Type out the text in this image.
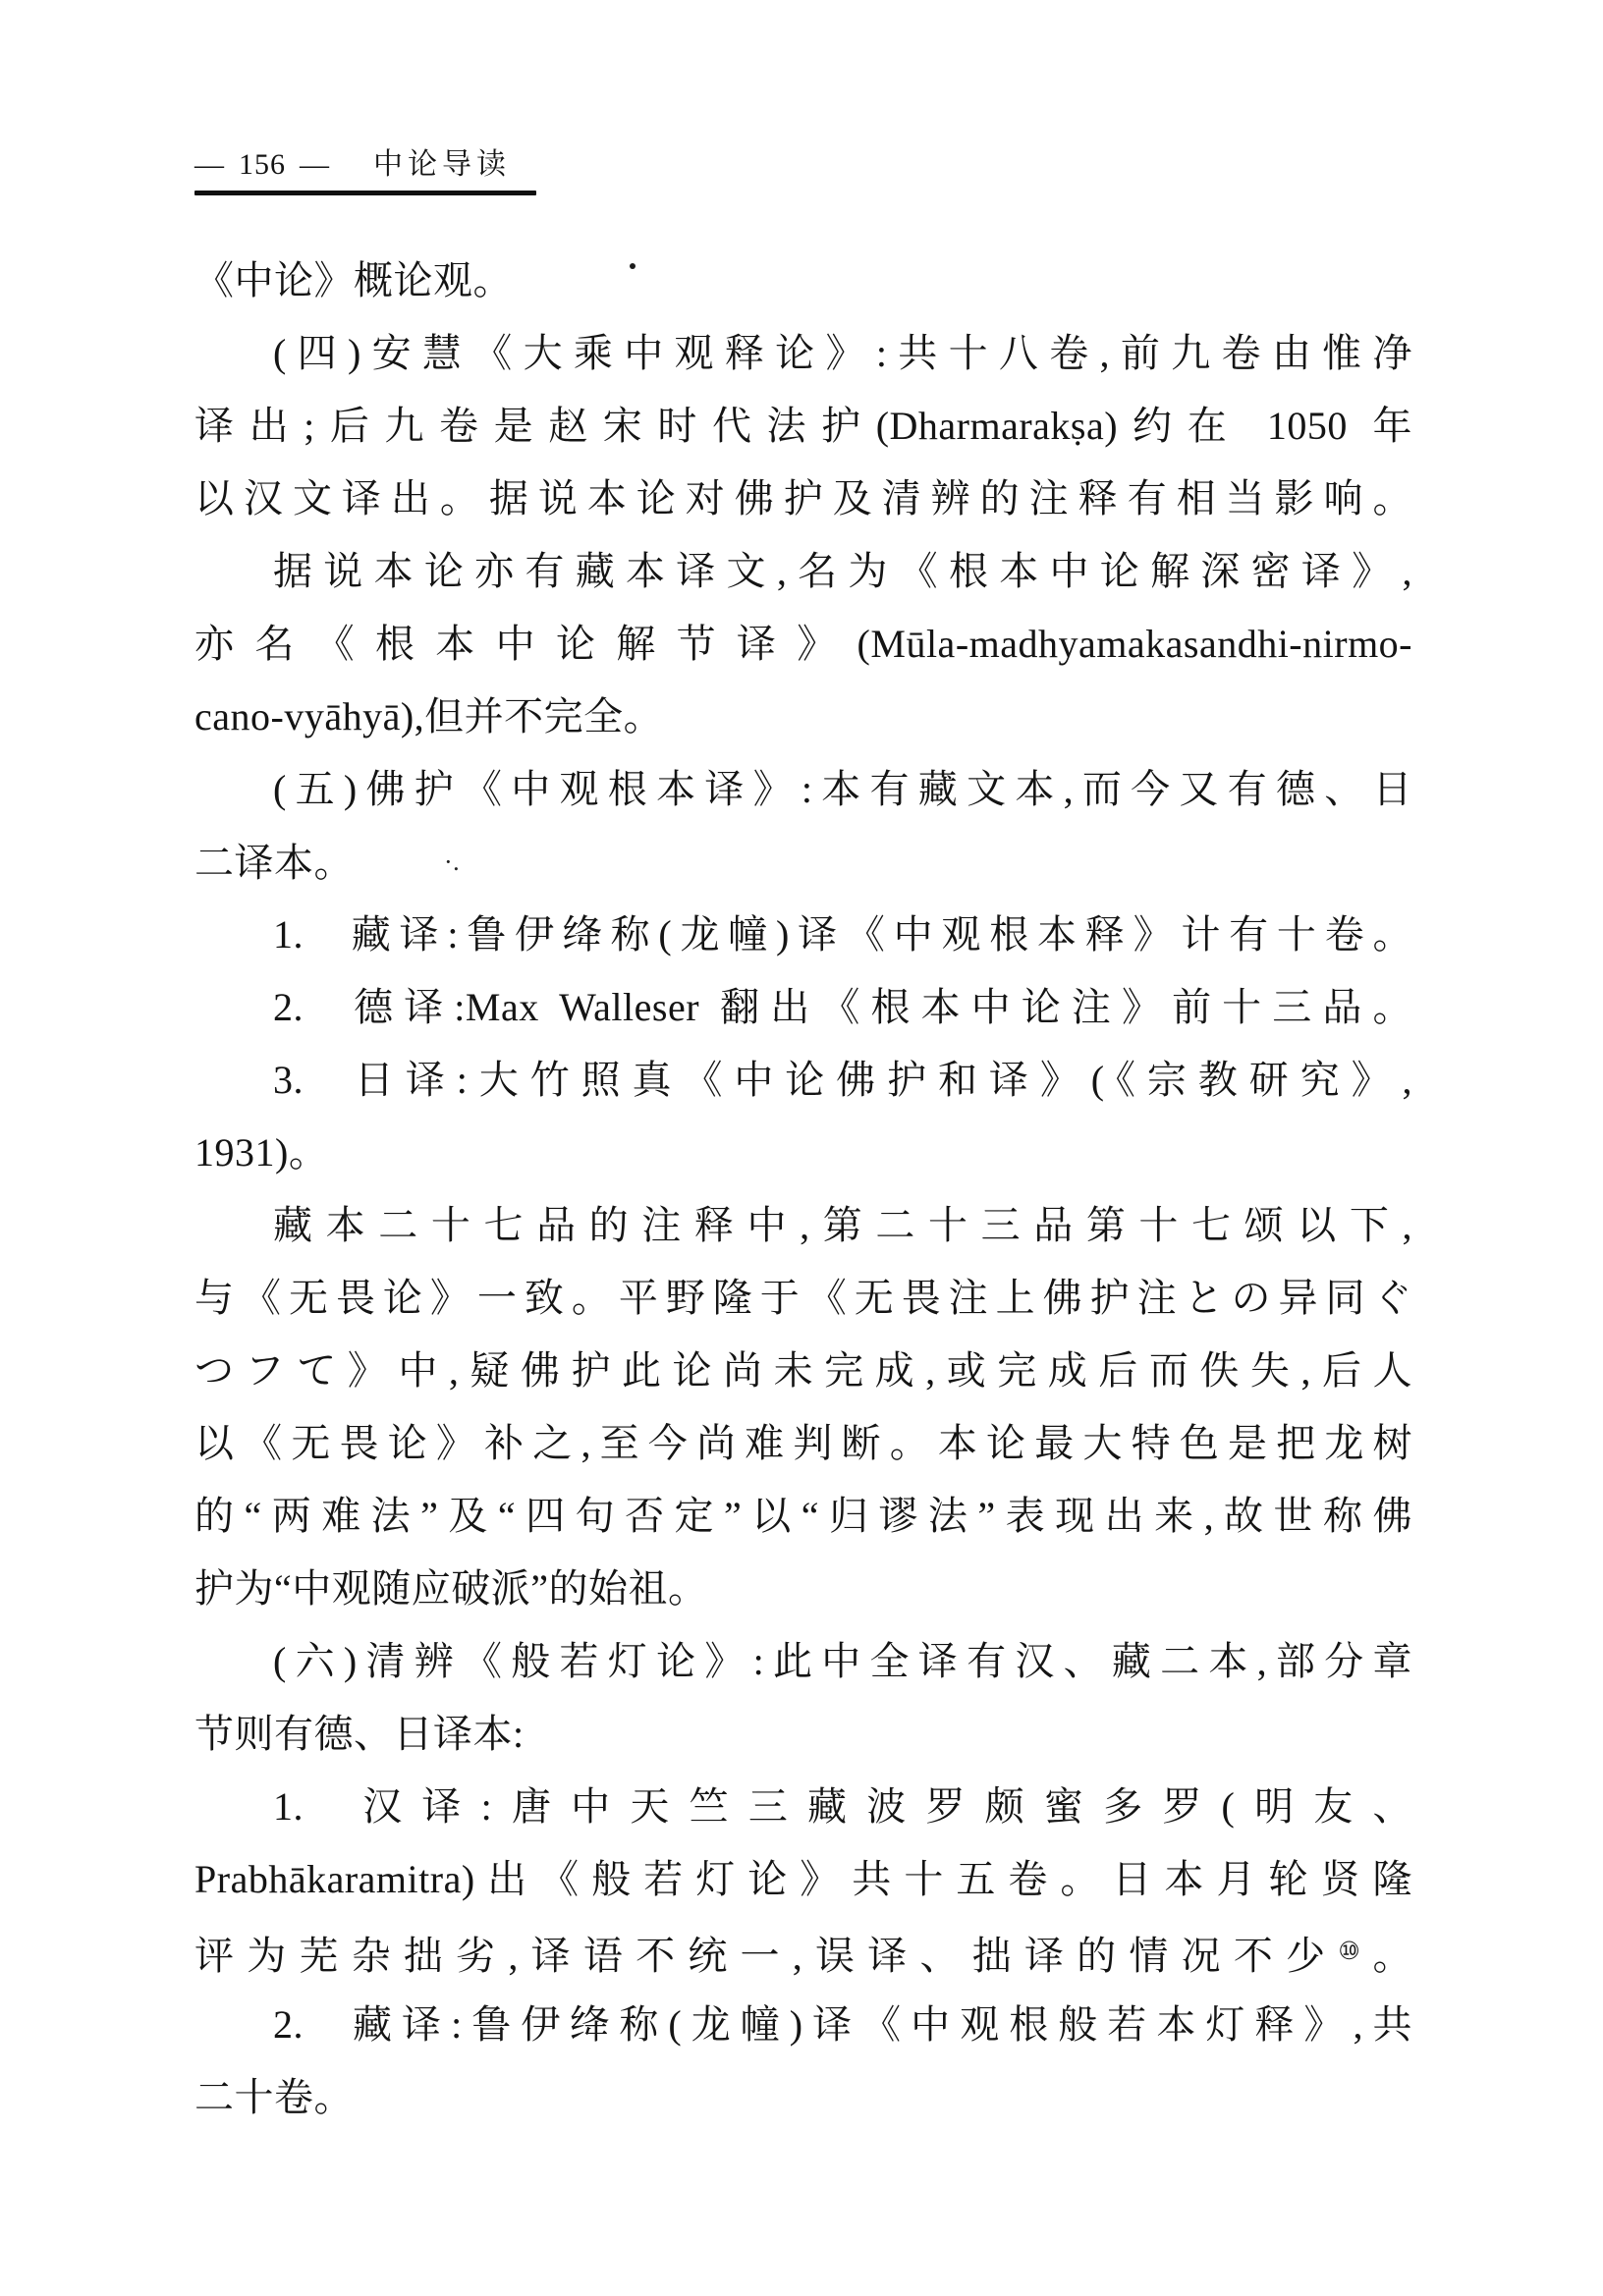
— 156 — 中论导读
《中论》概论观。
(四)安慧《大乘中观释论》:共十八卷,前九卷由惟净
译出;后九卷是赵宋时代法护(Dharmarakṣa)约在 1050 年
以汉文译出。据说本论对佛护及清辨的注释有相当影响。
据说本论亦有藏本译文,名为《根本中论解深密译》,
亦名《根本中论解节译》(Mūla-madhyamakasandhi-nirmo-
cano-vyāhyā),但并不完全。
(五)佛护《中观根本译》:本有藏文本,而今又有德、日
二译本。	·.
1. 藏译:鲁伊绛称(龙幢)译《中观根本释》计有十卷。
2. 德译:Max Walleser 翻出《根本中论注》前十三品。
3. 日译:大竹照真《中论佛护和译》(《宗教研究》,
1931)。
藏本二十七品的注释中,第二十三品第十七颂以下,
与《无畏论》一致。平野隆于《无畏注上佛护注との异同ぐ
つフて》中,疑佛护此论尚未完成,或完成后而佚失,后人
以《无畏论》补之,至今尚难判断。本论最大特色是把龙树
的“两难法”及“四句否定”以“归谬法”表现出来,故世称佛
护为“中观随应破派”的始祖。
(六)清辨《般若灯论》:此中全译有汉、藏二本,部分章
节则有德、日译本:
1. 汉译:唐中天竺三藏波罗颇蜜多罗(明友、
Prabhākaramitra)出《般若灯论》共十五卷。日本月轮贤隆
评为芜杂拙劣,译语不统一,误译、拙译的情况不少⑩。
2. 藏译:鲁伊绛称(龙幢)译《中观根般若本灯释》,共
二十卷。
